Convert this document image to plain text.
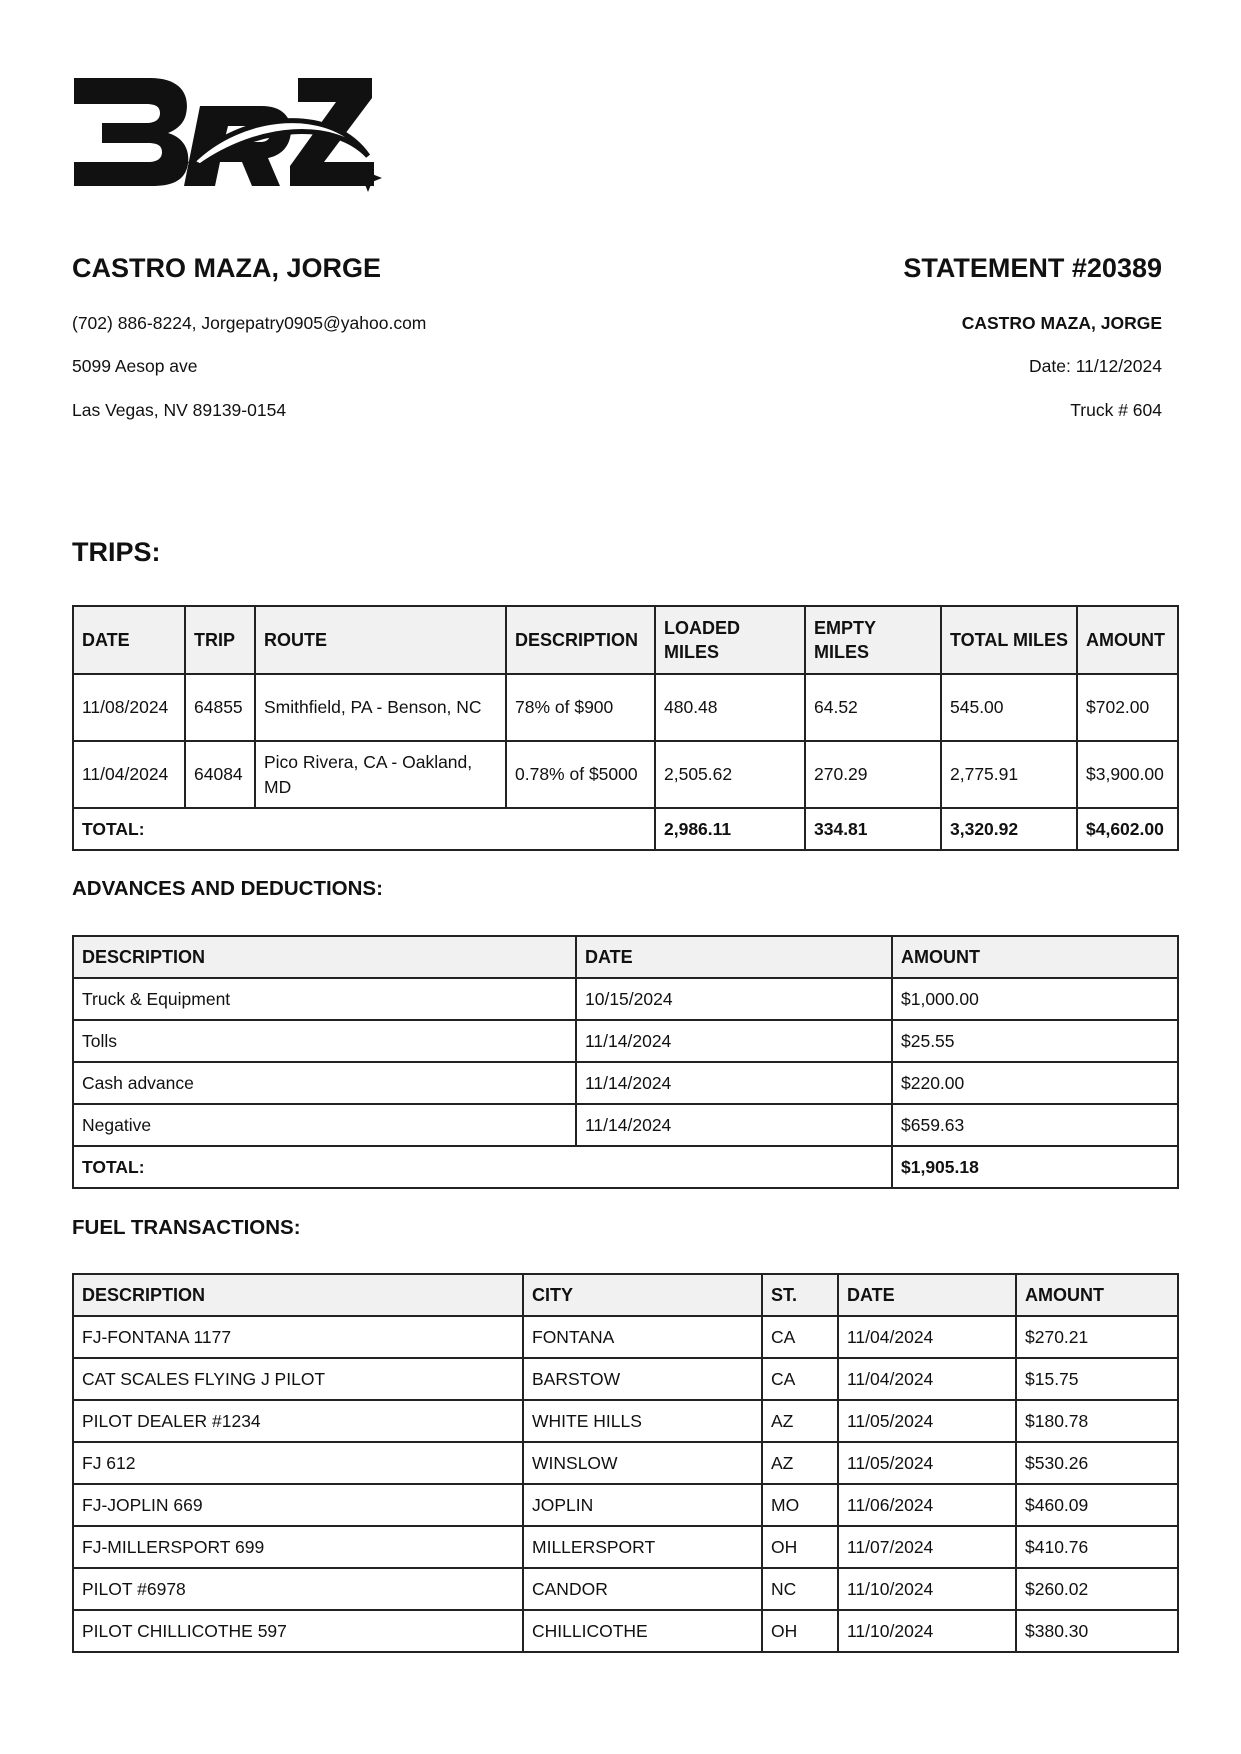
CASTRO MAZA, JORGE

(702) 886-8224, Jorgepatry0905@yahoo.com

5099 Aesop ave

Las Vegas, NV 89139-0154

STATEMENT #20389

CASTRO MAZA, JORGE

Date: 11/12/2024

Truck # 604

TRIPS:
DATE	TRIP	ROUTE	DESCRIPTION	LOADED MILES	EMPTY MILES	TOTAL MILES	AMOUNT
11/08/2024	64855	Smithfield, PA - Benson, NC	78% of $900	480.48	64.52	545.00	$702.00
11/04/2024	64084	Pico Rivera, CA - Oakland, MD	0.78% of $5000	2,505.62	270.29	2,775.91	$3,900.00
TOTAL:				2,986.11	334.81	3,320.92	$4,602.00
ADVANCES AND DEDUCTIONS:
DESCRIPTION	DATE	AMOUNT
Truck & Equipment	10/15/2024	$1,000.00
Tolls	11/14/2024	$25.55
Cash advance	11/14/2024	$220.00
Negative	11/14/2024	$659.63
TOTAL:		$1,905.18
FUEL TRANSACTIONS:
DESCRIPTION	CITY	ST.	DATE	AMOUNT
FJ-FONTANA 1177	FONTANA	CA	11/04/2024	$270.21
CAT SCALES FLYING J PILOT	BARSTOW	CA	11/04/2024	$15.75
PILOT DEALER #1234	WHITE HILLS	AZ	11/05/2024	$180.78
FJ 612	WINSLOW	AZ	11/05/2024	$530.26
FJ-JOPLIN 669	JOPLIN	MO	11/06/2024	$460.09
FJ-MILLERSPORT 699	MILLERSPORT	OH	11/07/2024	$410.76
PILOT #6978	CANDOR	NC	11/10/2024	$260.02
PILOT CHILLICOTHE 597	CHILLICOTHE	OH	11/10/2024	$380.30
